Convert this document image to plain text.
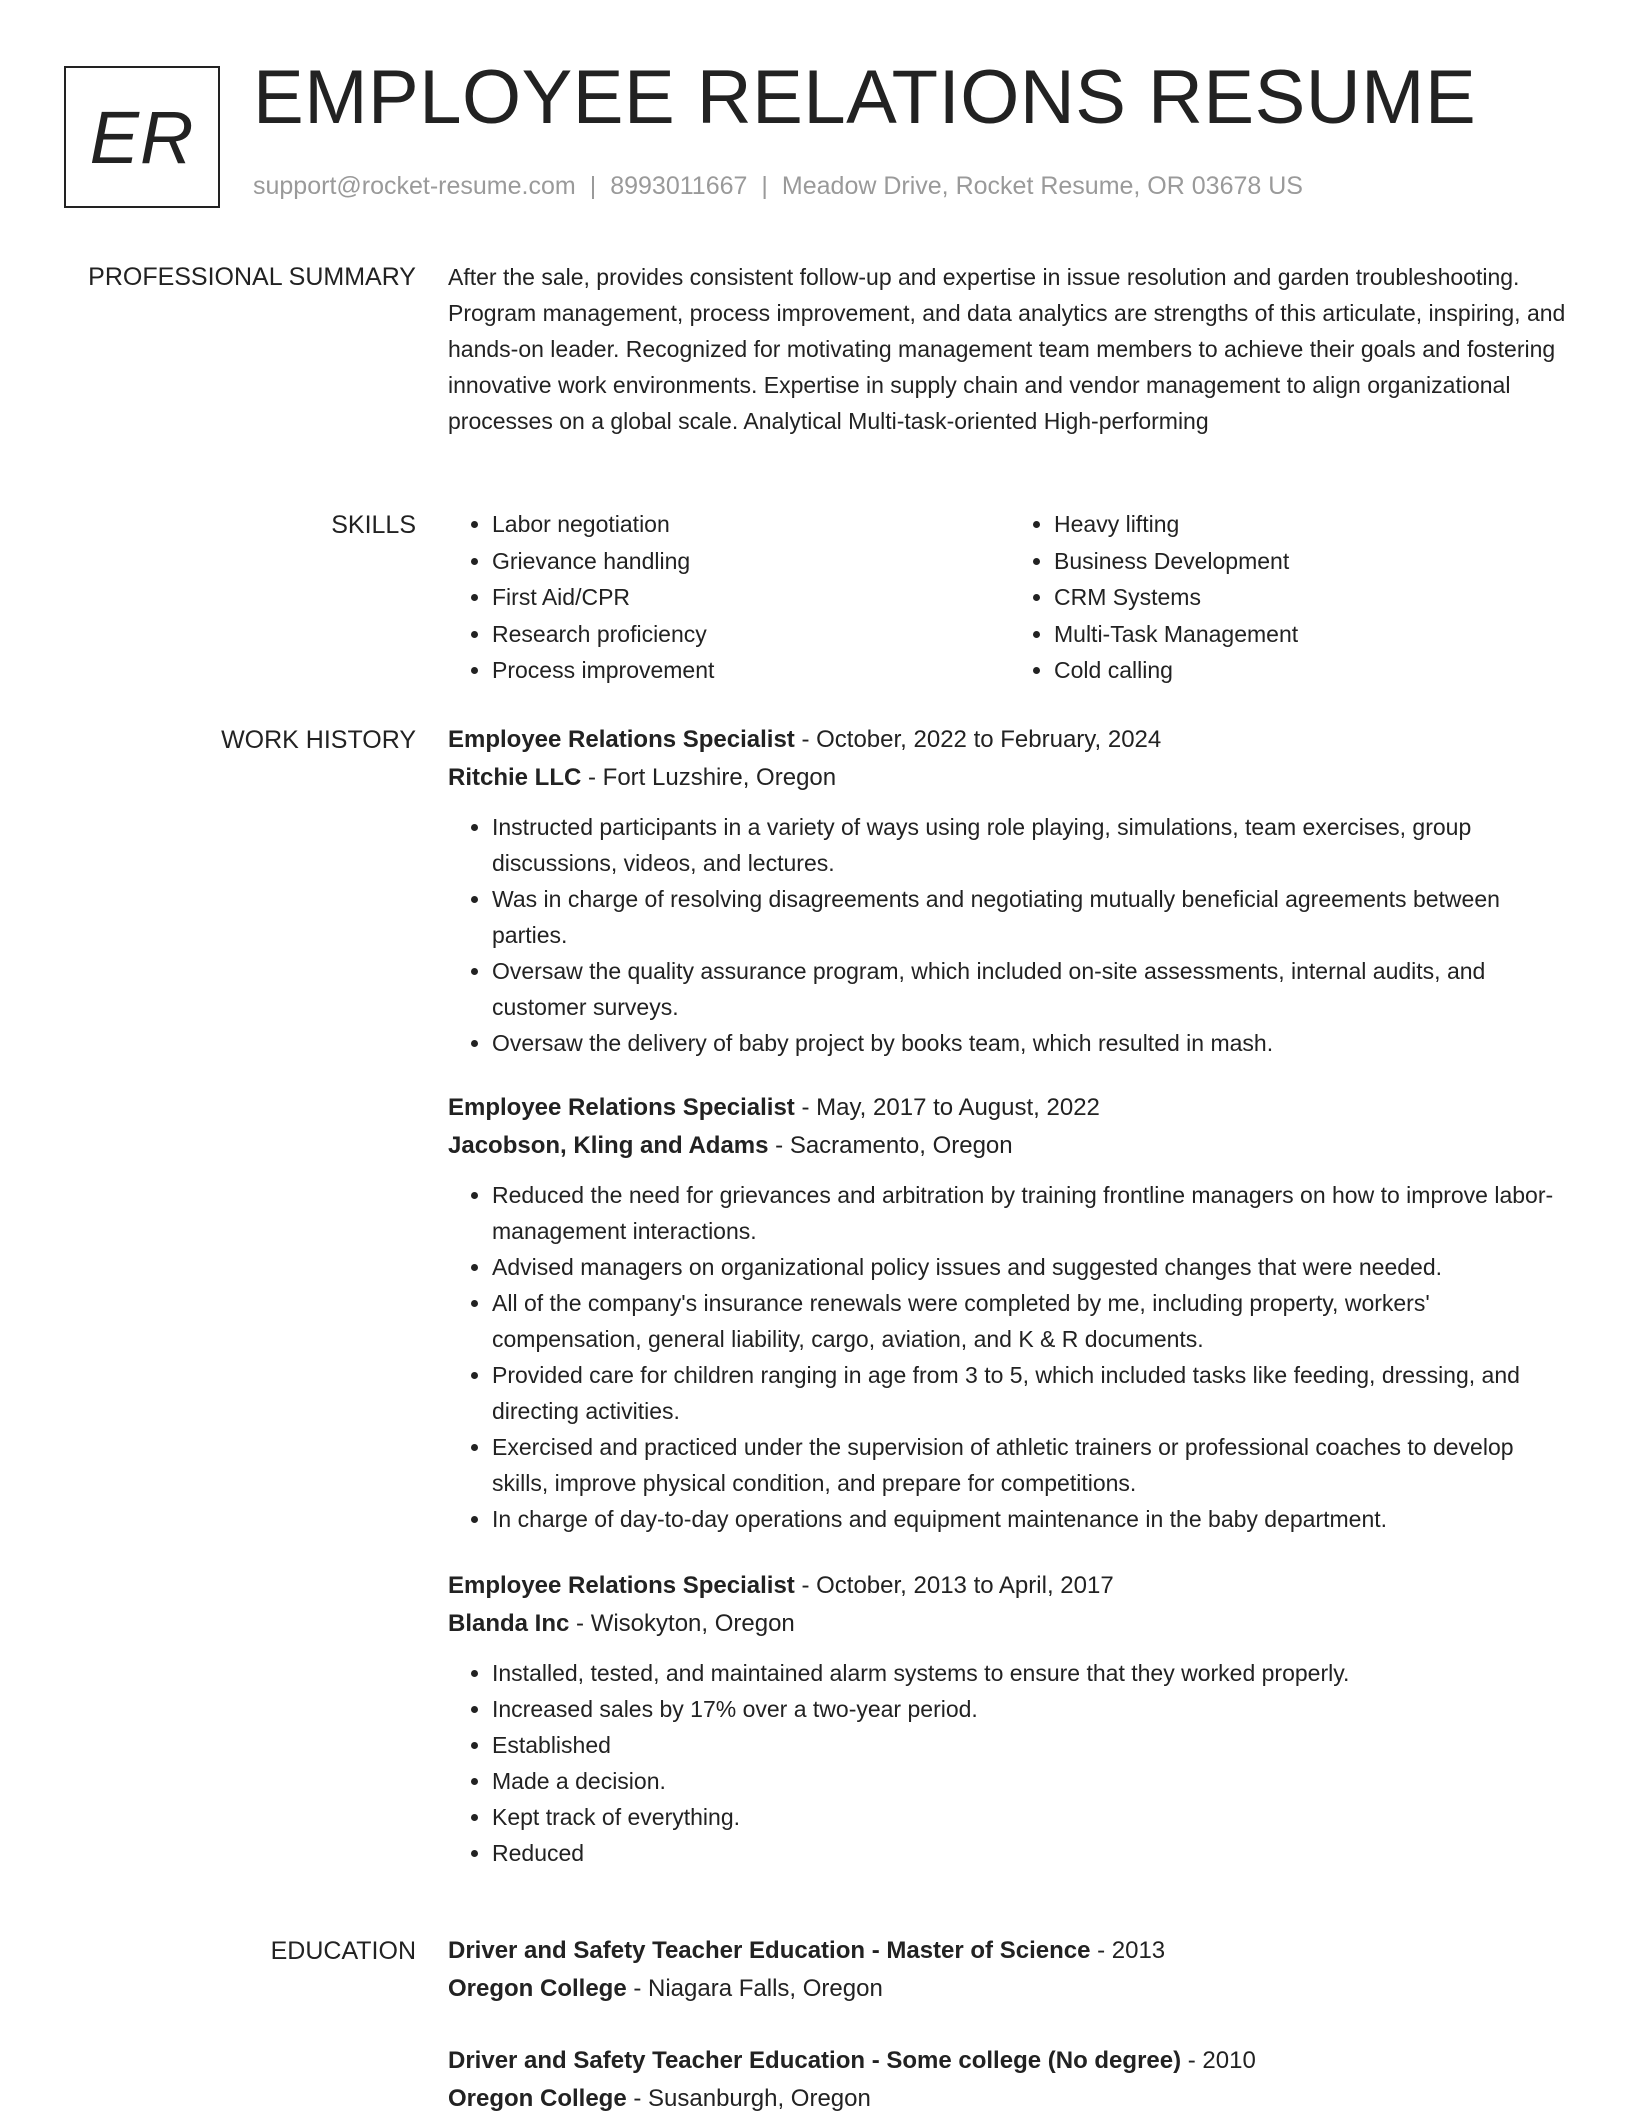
ER EMPLOYEE RELATIONS RESUME
support@rocket-resume.com | 8993011667 | Meadow Drive, Rocket Resume, OR 03678 US
PROFESSIONAL SUMMARY After the sale, provides consistent follow-up and expertise in issue resolution and garden troubleshooting. Program management, process improvement, and data analytics are strengths of this articulate, inspiring, and hands-on leader. Recognized for motivating management team members to achieve their goals and fostering innovative work environments. Expertise in supply chain and vendor management to align organizational processes on a global scale. Analytical Multi-task-oriented High-performing

SKILLS
•	Labor negotiation
• Grievance handling
• First Aid/CPR
• Research proficiency
• Process improvement
• Heavy lifting
• Business Development
• CRM Systems
• Multi-Task Management
• Cold calling
WORK HISTORY Employee Relations Specialist - October, 2022 to February, 2024
Ritchie LLC - Fort Luzshire, Oregon
• Instructed participants in a variety of ways using role playing, simulations, team exercises, group discussions, videos, and lectures.
• Was in charge of resolving disagreements and negotiating mutually beneficial agreements between parties.
• Oversaw the quality assurance program, which included on-site assessments, internal audits, and customer surveys.
• Oversaw the delivery of baby project by books team, which resulted in mash.
Employee Relations Specialist - May, 2017 to August, 2022
Jacobson, Kling and Adams - Sacramento, Oregon
• Reduced the need for grievances and arbitration by training frontline managers on how to improve labor-management interactions.
• Advised managers on organizational policy issues and suggested changes that were needed.
• All of the company's insurance renewals were completed by me, including property, workers' compensation, general liability, cargo, aviation, and K & R documents.
• Provided care for children ranging in age from 3 to 5, which included tasks like feeding, dressing, and directing activities.
• Exercised and practiced under the supervision of athletic trainers or professional coaches to develop skills, improve physical condition, and prepare for competitions.
• In charge of day-to-day operations and equipment maintenance in the baby department.
Employee Relations Specialist - October, 2013 to April, 2017
Blanda Inc - Wisokyton, Oregon
• Installed, tested, and maintained alarm systems to ensure that they worked properly.
• Increased sales by 17% over a two-year period.
• Established
• Made a decision.
• Kept track of everything.
• Reduced
EDUCATION Driver and Safety Teacher Education - Master of Science - 2013
Oregon College - Niagara Falls, Oregon
Driver and Safety Teacher Education - Some college (No degree) - 2010
Oregon College - Susanburgh, Oregon
